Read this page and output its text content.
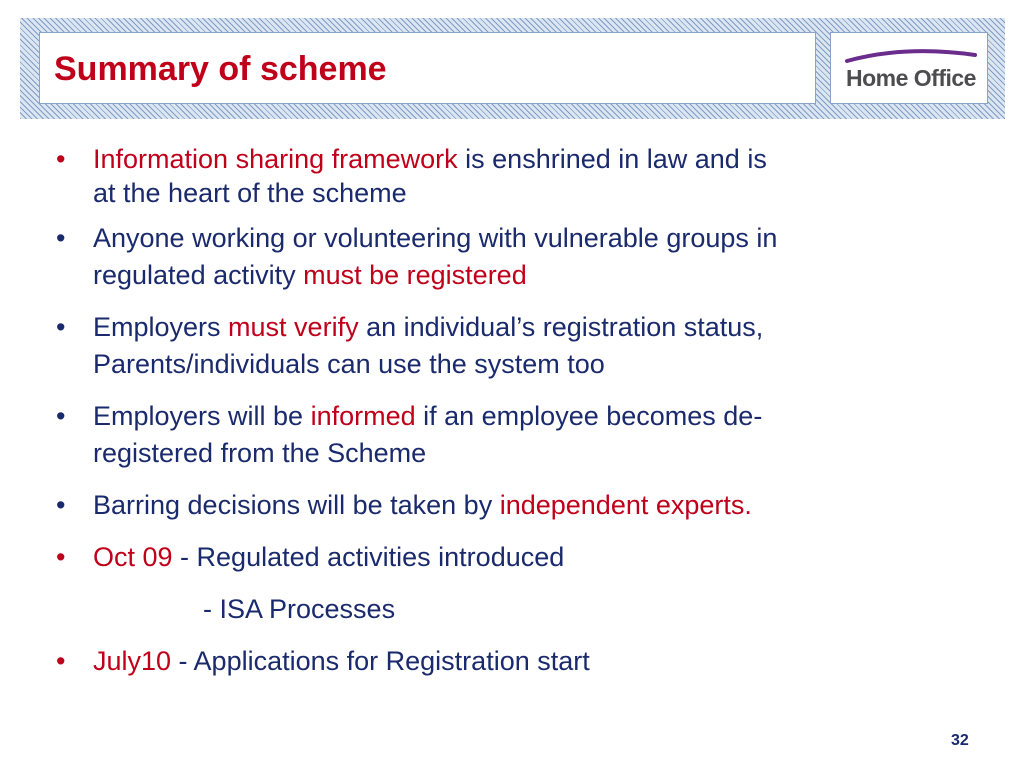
Summary of scheme	Home Office
• Information sharing framework is enshrined in law and is
at the heart of the scheme
• Anyone working or volunteering with vulnerable groups in
regulated activity must be registered
• Employers must verify an individual’s registration status,
Parents/individuals can use the system too
• Employers will be informed if an employee becomes de-
registered from the Scheme
• Barring decisions will be taken by independent experts.
• Oct 09 - Regulated activities introduced
- ISA Processes
• July10 - Applications for Registration start
32
